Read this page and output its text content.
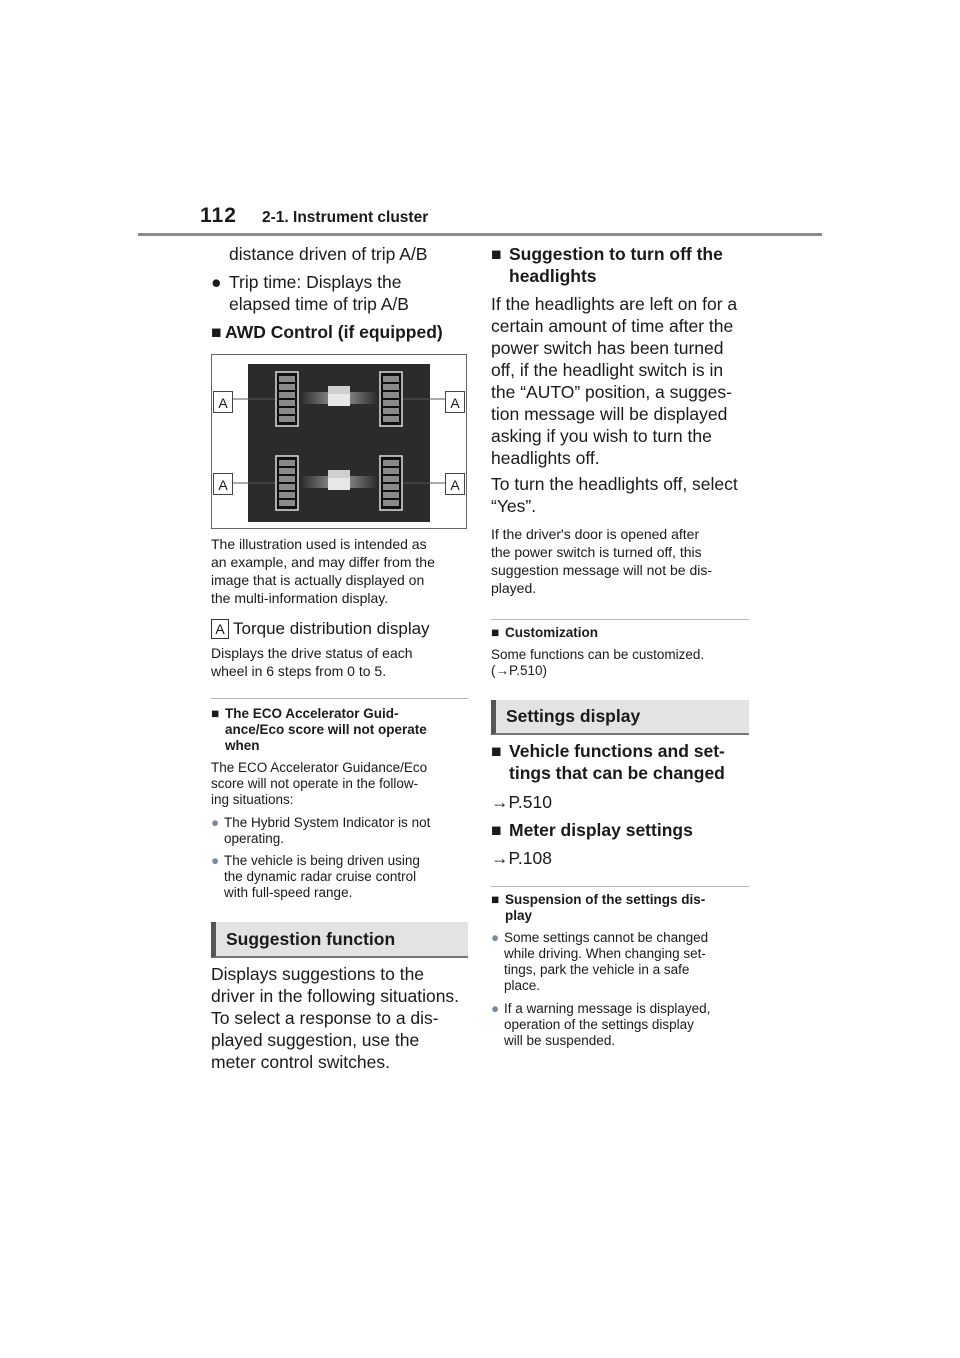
112 2-1. Instrument cluster
distance driven of trip A/B
● Trip time: Displays the
elapsed time of trip A/B
■ AWD Control (if equipped)
A	A
A	A
The illustration used is intended as
an example, and may differ from the
image that is actually displayed on
the multi-information display.
A Torque distribution display
Displays the drive status of each
wheel in 6 steps from 0 to 5.
■ The ECO Accelerator Guid-
ance/Eco score will not operate
when
The ECO Accelerator Guidance/Eco
score will not operate in the follow-
ing situations:
● The Hybrid System Indicator is not
operating.
● The vehicle is being driven using
the dynamic radar cruise control
with full-speed range.
Suggestion function
Displays suggestions to the
driver in the following situations.
To select a response to a dis-
played suggestion, use the
meter control switches.
■ Suggestion to turn off the
headlights
If the headlights are left on for a
certain amount of time after the
power switch has been turned
off, if the headlight switch is in
the “AUTO” position, a sugges-
tion message will be displayed
asking if you wish to turn the
headlights off.
To turn the headlights off, select
“Yes”.
If the driver's door is opened after
the power switch is turned off, this
suggestion message will not be dis-
played.
■ Customization
Some functions can be customized.
(→P.510)
Settings display
■ Vehicle functions and set-
tings that can be changed
→P.510
■ Meter display settings
→P.108
■ Suspension of the settings dis-
play
● Some settings cannot be changed
while driving. When changing set-
tings, park the vehicle in a safe
place.
● If a warning message is displayed,
operation of the settings display
will be suspended.
